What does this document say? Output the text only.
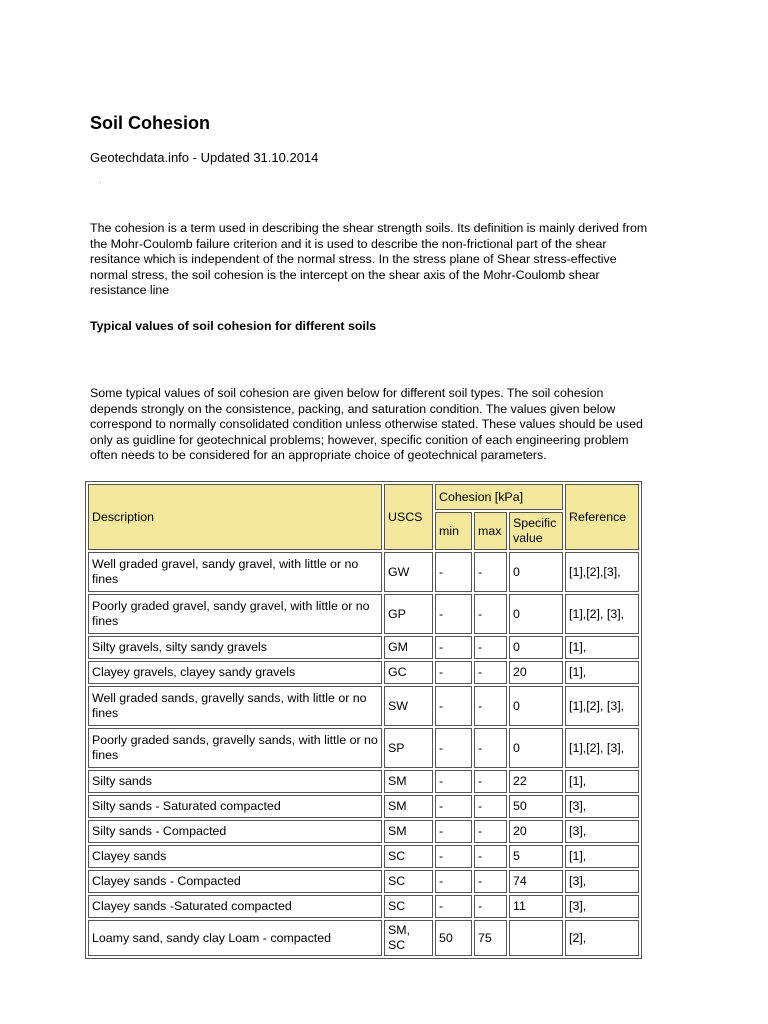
Soil Cohesion

Geotechdata.info - Updated 31.10.2014

The cohesion is a term used in describing the shear strength soils. Its definition is mainly derived from the Mohr-Coulomb failure criterion and it is used to describe the non-frictional part of the shear resitance which is independent of the normal stress. In the stress plane of Shear stress-effective normal stress, the soil cohesion is the intercept on the shear axis of the Mohr-Coulomb shear resistance line

Typical values of soil cohesion for different soils

Some typical values of soil cohesion are given below for different soil types. The soil cohesion depends strongly on the consistence, packing, and saturation condition. The values given below correspond to normally consolidated condition unless otherwise stated. These values should be used only as guidline for geotechnical problems; however, specific conition of each engineering problem often needs to be considered for an appropriate choice of geotechnical parameters.

Description	USCS	Cohesion [kPa]			Reference
		min	max	Specific value	
Well graded gravel, sandy gravel, with little or no fines	GW	-	-	0	[1],[2],[3],
Poorly graded gravel, sandy gravel, with little or no fines	GP	-	-	0	[1],[2], [3],
Silty gravels, silty sandy gravels	GM	-	-	0	[1],
Clayey gravels, clayey sandy gravels	GC	-	-	20	[1],
Well graded sands, gravelly sands, with little or no fines	SW	-	-	0	[1],[2], [3],
Poorly graded sands, gravelly sands, with little or no fines	SP	-	-	0	[1],[2], [3],
Silty sands	SM	-	-	22	[1],
Silty sands - Saturated compacted	SM	-	-	50	[3],
Silty sands - Compacted	SM	-	-	20	[3],
Clayey sands	SC	-	-	5	[1],
Clayey sands - Compacted	SC	-	-	74	[3],
Clayey sands -Saturated compacted	SC	-	-	11	[3],
Loamy sand, sandy clay Loam - compacted	SM, SC	50	75		[2],
